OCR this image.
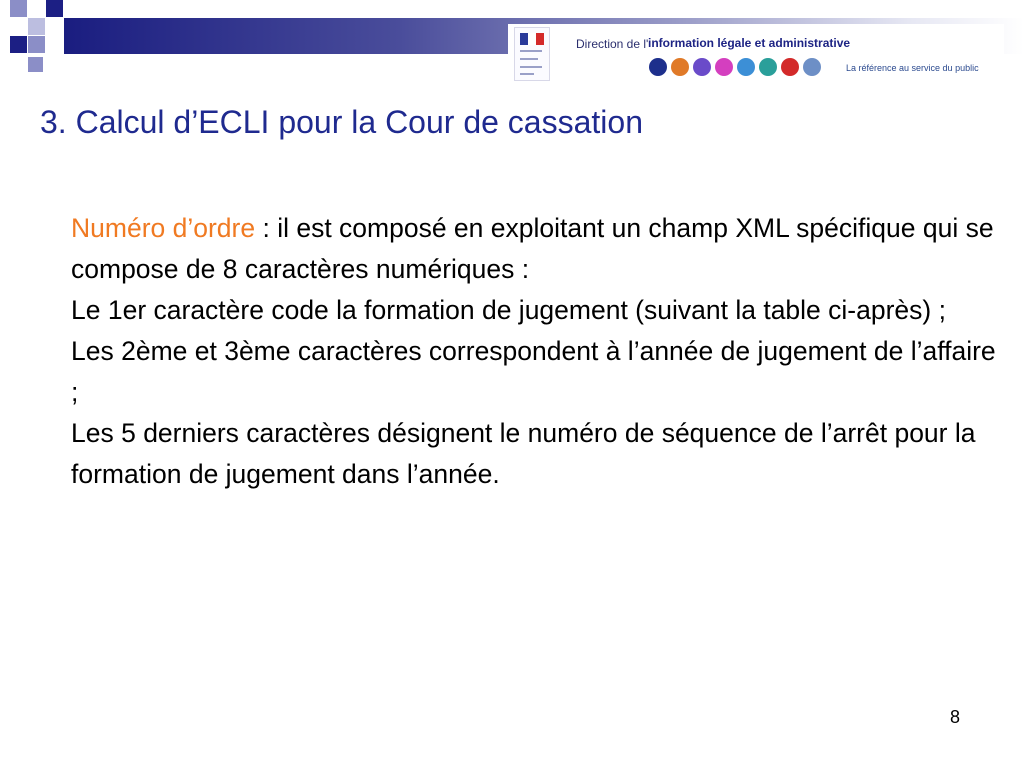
Direction de l' information légale et administrative
La référence au service du public
3. Calcul d’ECLI pour la Cour de cassation

Numéro d’ordre : il est composé en exploitant un champ XML spécifique qui se compose de 8 caractères numériques :

Le 1er caractère code la formation de jugement (suivant la table ci-après) ;

Les 2ème et 3ème caractères correspondent à l’année de jugement de l’affaire ;

Les 5 derniers caractères désignent le numéro de séquence de l’arrêt pour la formation de jugement dans l’année.

8
